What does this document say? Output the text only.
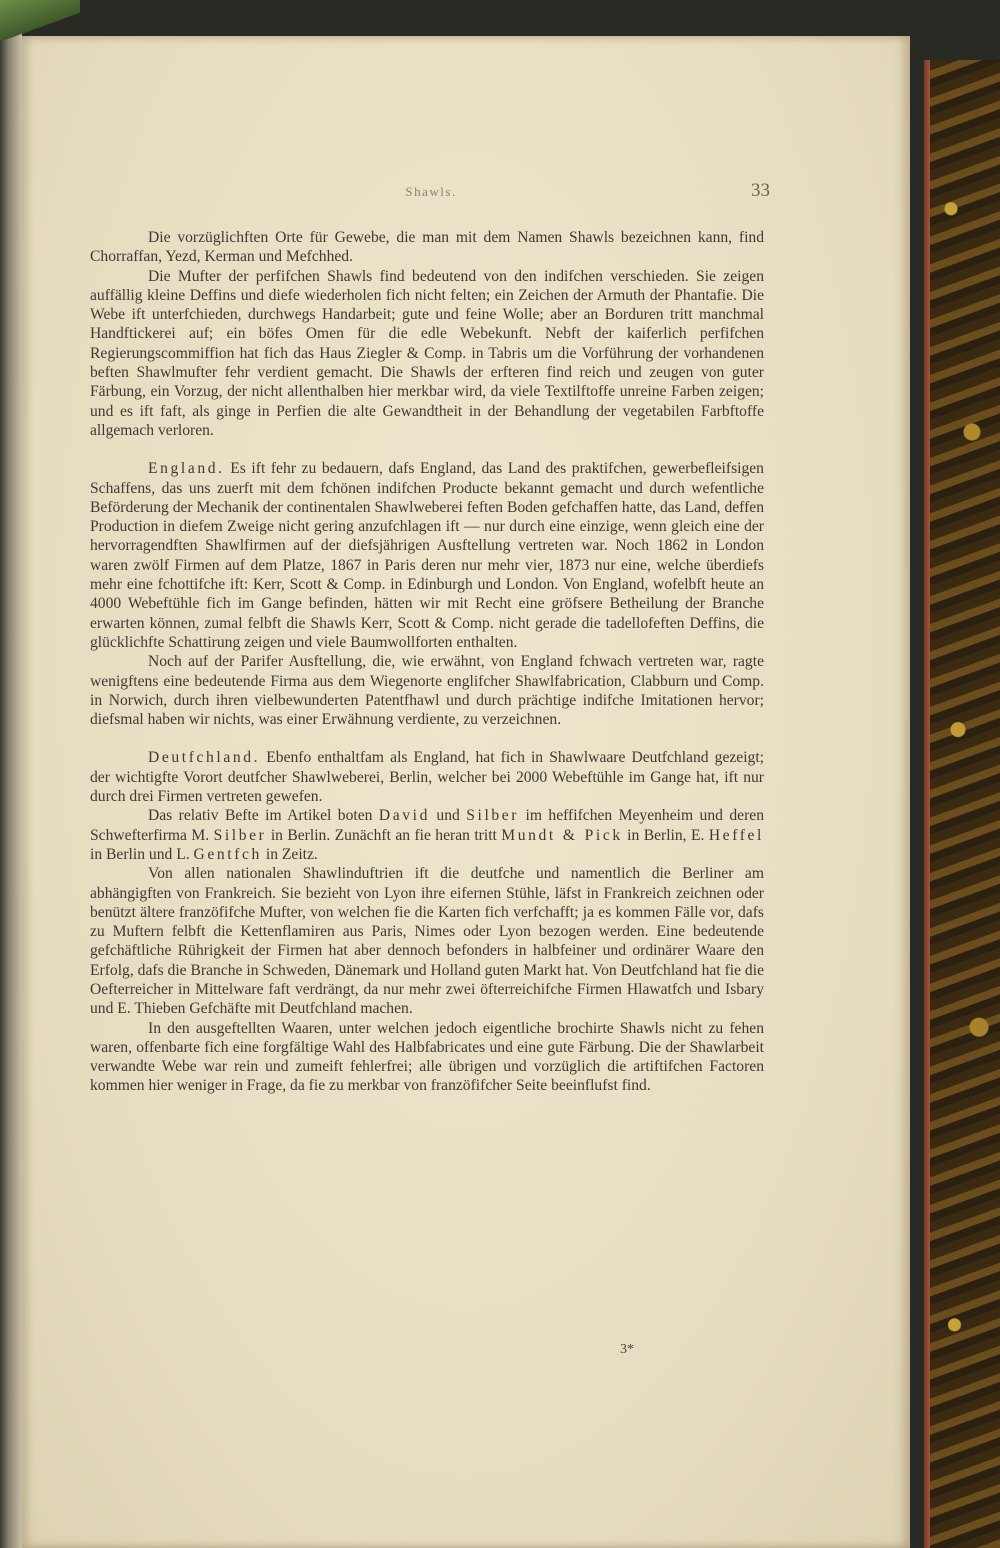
Shawls.	33

Die vorzüglichften Orte für Gewebe, die man mit dem Namen Shawls bezeichnen kann, find Chorraffan, Yezd, Kerman und Mefchhed.

Die Mufter der perfifchen Shawls find bedeutend von den indifchen verschieden. Sie zeigen auffällig kleine Deffins und diefe wiederholen fich nicht felten; ein Zeichen der Armuth der Phantafie. Die Webe ift unterfchieden, durchwegs Handarbeit; gute und feine Wolle; aber an Borduren tritt manchmal Handftickerei auf; ein böfes Omen für die edle Webekunft. Nebft der kaiferlich perfifchen Regierungscommiffion hat fich das Haus Ziegler & Comp. in Tabris um die Vorführung der vorhandenen beften Shawlmufter fehr verdient gemacht. Die Shawls der erfteren find reich und zeugen von guter Färbung, ein Vorzug, der nicht allenthalben hier merkbar wird, da viele Textilftoffe unreine Farben zeigen; und es ift faft, als ginge in Perfien die alte Gewandtheit in der Behandlung der vegetabilen Farbftoffe allgemach verloren.

England. Es ift fehr zu bedauern, dafs England, das Land des praktifchen, gewerbefleifsigen Schaffens, das uns zuerft mit dem fchönen indifchen Producte bekannt gemacht und durch wefentliche Beförderung der Mechanik der continentalen Shawlweberei feften Boden gefchaffen hatte, das Land, deffen Production in diefem Zweige nicht gering anzufchlagen ift — nur durch eine einzige, wenn gleich eine der hervorragendften Shawlfirmen auf der diefsjährigen Ausftellung vertreten war. Noch 1862 in London waren zwölf Firmen auf dem Platze, 1867 in Paris deren nur mehr vier, 1873 nur eine, welche überdiefs mehr eine fchottifche ift: Kerr, Scott & Comp. in Edinburgh und London. Von England, wofelbft heute an 4000 Webeftühle fich im Gange befinden, hätten wir mit Recht eine gröfsere Betheilung der Branche erwarten können, zumal felbft die Shawls Kerr, Scott & Comp. nicht gerade die tadellofeften Deffins, die glücklichfte Schattirung zeigen und viele Baumwollforten enthalten.

Noch auf der Parifer Ausftellung, die, wie erwähnt, von England fchwach vertreten war, ragte wenigftens eine bedeutende Firma aus dem Wiegenorte englifcher Shawlfabrication, Clabburn und Comp. in Norwich, durch ihren vielbewunderten Patentfhawl und durch prächtige indifche Imitationen hervor; diefsmal haben wir nichts, was einer Erwähnung verdiente, zu verzeichnen.

Deutfchland. Ebenfo enthaltfam als England, hat fich in Shawlwaare Deutfchland gezeigt; der wichtigfte Vorort deutfcher Shawlweberei, Berlin, welcher bei 2000 Webeftühle im Gange hat, ift nur durch drei Firmen vertreten gewefen.

Das relativ Befte im Artikel boten David und Silber im heffifchen Meyenheim und deren Schwefterfirma M. Silber in Berlin. Zunächft an fie heran tritt Mundt & Pick in Berlin, E. Heffel in Berlin und L. Gentfch in Zeitz.

Von allen nationalen Shawlinduftrien ift die deutfche und namentlich die Berliner am abhängigften von Frankreich. Sie bezieht von Lyon ihre eifernen Stühle, läfst in Frankreich zeichnen oder benützt ältere franzöfifche Mufter, von welchen fie die Karten fich verfchafft; ja es kommen Fälle vor, dafs zu Muftern felbft die Kettenflamiren aus Paris, Nimes oder Lyon bezogen werden. Eine bedeutende gefchäftliche Rührigkeit der Firmen hat aber dennoch befonders in halbfeiner und ordinärer Waare den Erfolg, dafs die Branche in Schweden, Dänemark und Holland guten Markt hat. Von Deutfchland hat fie die Oefterreicher in Mittelware faft verdrängt, da nur mehr zwei öfterreichifche Firmen Hlawatfch und Isbary und E. Thieben Gefchäfte mit Deutfchland machen.

In den ausgeftellten Waaren, unter welchen jedoch eigentliche brochirte Shawls nicht zu fehen waren, offenbarte fich eine forgfältige Wahl des Halbfabricates und eine gute Färbung. Die der Shawlarbeit verwandte Webe war rein und zumeift fehlerfrei; alle übrigen und vorzüglich die artiftifchen Factoren kommen hier weniger in Frage, da fie zu merkbar von franzöfifcher Seite beeinflufst find.

3*
